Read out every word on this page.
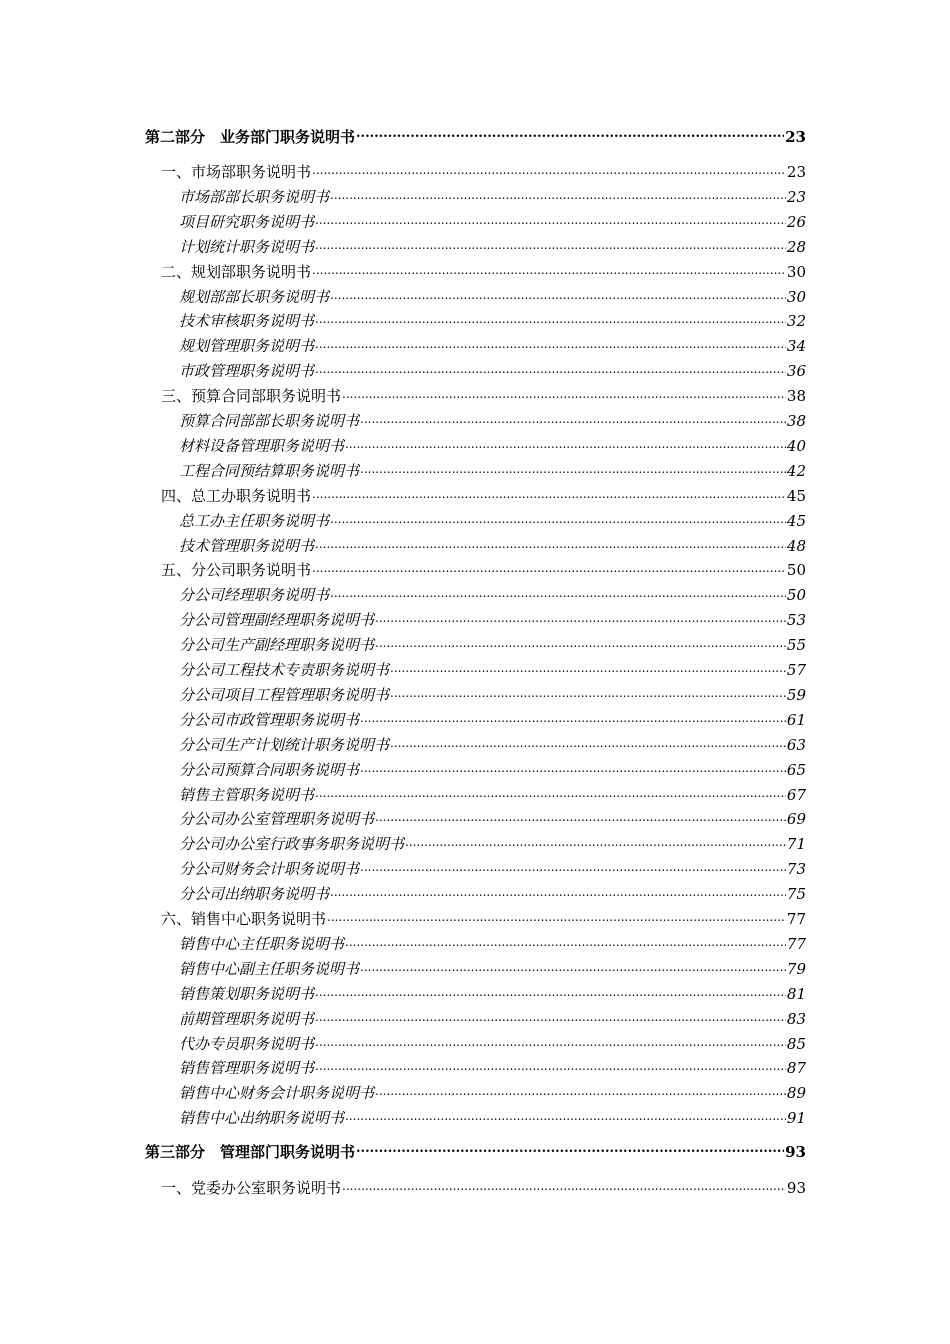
第二部分　业务部门职务说明书 .....	23
一、市场部职务说明书 .....	23
市场部部长职务说明书 .....	23
项目研究职务说明书 .....	26
计划统计职务说明书 .....	28
二、规划部职务说明书 .....	30
规划部部长职务说明书 .....	30
技术审核职务说明书 .....	32
规划管理职务说明书 .....	34
市政管理职务说明书 .....	36
三、预算合同部职务说明书 .....	38
预算合同部部长职务说明书 .....	38
材料设备管理职务说明书 .....	40
工程合同预结算职务说明书 .....	42
四、总工办职务说明书 .....	45
总工办主任职务说明书 .....	45
技术管理职务说明书 .....	48
五、分公司职务说明书 .....	50
分公司经理职务说明书 .....	50
分公司管理副经理职务说明书 .....	53
分公司生产副经理职务说明书 .....	55
分公司工程技术专责职务说明书 .....	57
分公司项目工程管理职务说明书 .....	59
分公司市政管理职务说明书 .....	61
分公司生产计划统计职务说明书 .....	63
分公司预算合同职务说明书 .....	65
销售主管职务说明书 .....	67
分公司办公室管理职务说明书 .....	69
分公司办公室行政事务职务说明书 .....	71
分公司财务会计职务说明书 .....	73
分公司出纳职务说明书 .....	75
六、销售中心职务说明书 .....	77
销售中心主任职务说明书 .....	77
销售中心副主任职务说明书 .....	79
销售策划职务说明书 .....	81
前期管理职务说明书 .....	83
代办专员职务说明书 .....	85
销售管理职务说明书 .....	87
销售中心财务会计职务说明书 .....	89
销售中心出纳职务说明书 .....	91
第三部分　管理部门职务说明书 .....	93
一、党委办公室职务说明书 .....	93
